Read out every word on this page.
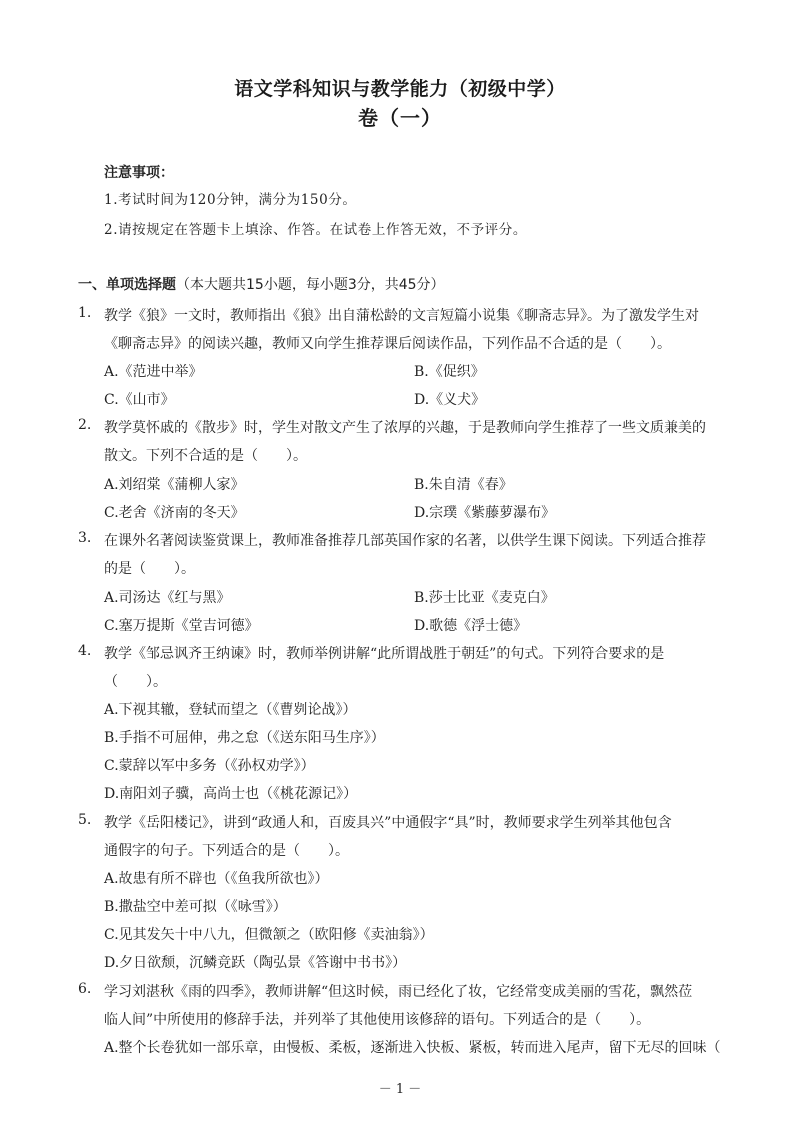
语文学科知识与教学能力（初级中学）
卷（一）
注意事项：
1.考试时间为120分钟，满分为150分。
2.请按规定在答题卡上填涂、作答。在试卷上作答无效，不予评分。
一、单项选择题（本大题共15小题，每小题3分，共45分）
1. 教学《狼》一文时，教师指出《狼》出自蒲松龄的文言短篇小说集《聊斋志异》。为了激发学生对
《聊斋志异》的阅读兴趣，教师又向学生推荐课后阅读作品，下列作品不合适的是（　　）。
A.《范进中举》	B.《促织》
C.《山市》	D.《义犬》
2. 教学莫怀戚的《散步》时，学生对散文产生了浓厚的兴趣，于是教师向学生推荐了一些文质兼美的
散文。下列不合适的是（　　）。
A.刘绍棠《蒲柳人家》	B.朱自清《春》
C.老舍《济南的冬天》	D.宗璞《紫藤萝瀑布》
3. 在课外名著阅读鉴赏课上，教师准备推荐几部英国作家的名著，以供学生课下阅读。下列适合推荐
的是（　　）。
A.司汤达《红与黑》	B.莎士比亚《麦克白》
C.塞万提斯《堂吉诃德》	D.歌德《浮士德》
4. 教学《邹忌讽齐王纳谏》时，教师举例讲解“此所谓战胜于朝廷”的句式。下列符合要求的是
（　　）。
A.下视其辙，登轼而望之（《曹刿论战》）
B.手指不可屈伸，弗之怠（《送东阳马生序》）
C.蒙辞以军中多务（《孙权劝学》）
D.南阳刘子骥，高尚士也（《桃花源记》）
5. 教学《岳阳楼记》，讲到“政通人和，百废具兴”中通假字“具”时，教师要求学生列举其他包含
通假字的句子。下列适合的是（　　）。
A.故患有所不辟也（《鱼我所欲也》）
B.撒盐空中差可拟（《咏雪》）
C.见其发矢十中八九，但微颔之（欧阳修《卖油翁》）
D.夕日欲颓，沉鳞竞跃（陶弘景《答谢中书书》）
6. 学习刘湛秋《雨的四季》，教师讲解“但这时候，雨已经化了妆，它经常变成美丽的雪花，飘然莅
临人间”中所使用的修辞手法，并列举了其他使用该修辞的语句。下列适合的是（　　）。
A.整个长卷犹如一部乐章，由慢板、柔板，逐渐进入快板、紧板，转而进入尾声，留下无尽的回味（
－ 1 －
